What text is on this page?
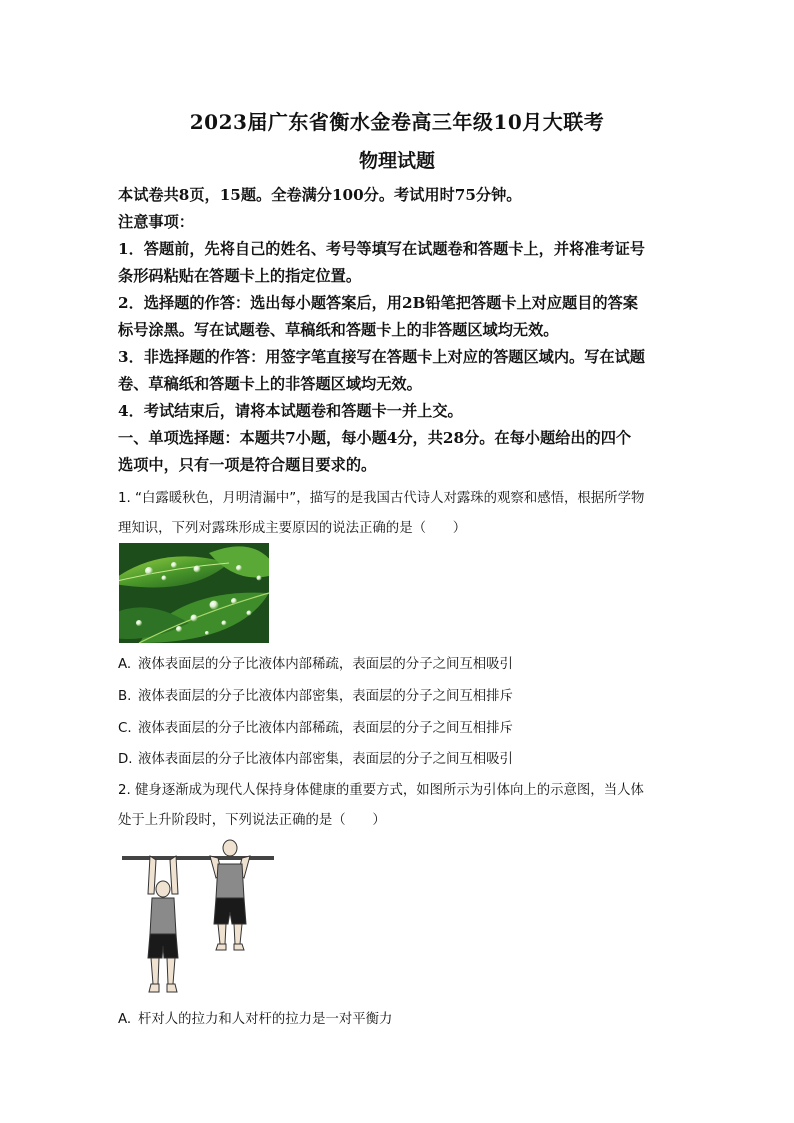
2023届广东省衡水金卷高三年级10月大联考
物理试题
本试卷共8页，15题。全卷满分100分。考试用时75分钟。
注意事项：
1．答题前，先将自己的姓名、考号等填写在试题卷和答题卡上，并将准考证号
条形码粘贴在答题卡上的指定位置。
2．选择题的作答：选出每小题答案后，用2B铅笔把答题卡上对应题目的答案
标号涂黑。写在试题卷、草稿纸和答题卡上的非答题区域均无效。
3．非选择题的作答：用签字笔直接写在答题卡上对应的答题区域内。写在试题
卷、草稿纸和答题卡上的非答题区域均无效。
4．考试结束后，请将本试题卷和答题卡一并上交。
一、单项选择题：本题共7小题，每小题4分，共28分。在每小题给出的四个
选项中，只有一项是符合题目要求的。
1. “白露暖秋色，月明清漏中”，描写的是我国古代诗人对露珠的观察和感悟，根据所学物
理知识，下列对露珠形成主要原因的说法正确的是（　　）
A. 液体表面层的分子比液体内部稀疏，表面层的分子之间互相吸引
B. 液体表面层的分子比液体内部密集，表面层的分子之间互相排斥
C. 液体表面层的分子比液体内部稀疏，表面层的分子之间互相排斥
D. 液体表面层的分子比液体内部密集，表面层的分子之间互相吸引
2. 健身逐渐成为现代人保持身体健康的重要方式，如图所示为引体向上的示意图，当人体
处于上升阶段时，下列说法正确的是（　　）
A. 杆对人的拉力和人对杆的拉力是一对平衡力
